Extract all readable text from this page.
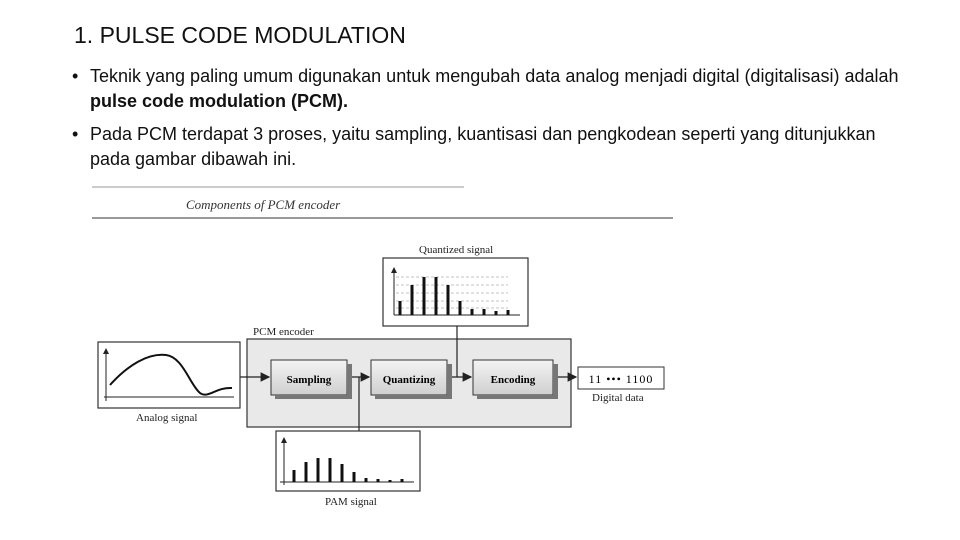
1. PULSE CODE MODULATION
• Teknik yang paling umum digunakan untuk mengubah data analog menjadi digital (digitalisasi) adalah pulse code modulation (PCM).
• Pada PCM terdapat 3 proses, yaitu sampling, kuantisasi dan pengkodean seperti yang ditunjukkan pada gambar dibawah ini.
Components of PCM encoder
Quantized signal
PCM encoder
Sampling	Quantizing	Encoding
Analog signal
11 ••• 1100
Digital data
PAM signal
